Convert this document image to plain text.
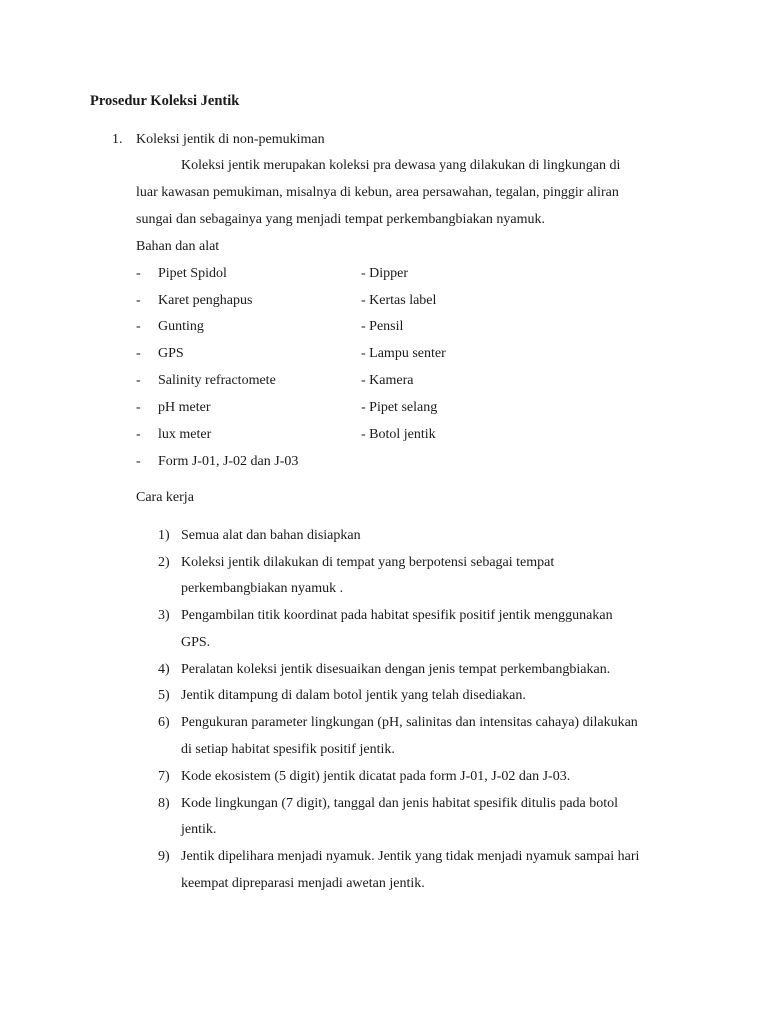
Prosedur Koleksi Jentik
1. Koleksi jentik di non-pemukiman
Koleksi jentik merupakan koleksi pra dewasa yang dilakukan di lingkungan di
luar kawasan pemukiman, misalnya di kebun, area persawahan, tegalan, pinggir aliran
sungai dan sebagainya yang menjadi tempat perkembangbiakan nyamuk.
Bahan dan alat
- Pipet Spidol	- Dipper
- Karet penghapus	- Kertas label
- Gunting	- Pensil
- GPS	- Lampu senter
- Salinity refractomete	- Kamera
- pH meter	- Pipet selang
- lux meter	- Botol jentik
- Form J-01, J-02 dan J-03
Cara kerja
1) Semua alat dan bahan disiapkan
2) Koleksi jentik dilakukan di tempat yang berpotensi sebagai tempat
perkembangbiakan nyamuk .
3) Pengambilan titik koordinat pada habitat spesifik positif jentik menggunakan
GPS.
4) Peralatan koleksi jentik disesuaikan dengan jenis tempat perkembangbiakan.
5) Jentik ditampung di dalam botol jentik yang telah disediakan.
6) Pengukuran parameter lingkungan (pH, salinitas dan intensitas cahaya) dilakukan
di setiap habitat spesifik positif jentik.
7) Kode ekosistem (5 digit) jentik dicatat pada form J-01, J-02 dan J-03.
8) Kode lingkungan (7 digit), tanggal dan jenis habitat spesifik ditulis pada botol
jentik.
9) Jentik dipelihara menjadi nyamuk. Jentik yang tidak menjadi nyamuk sampai hari
keempat dipreparasi menjadi awetan jentik.
